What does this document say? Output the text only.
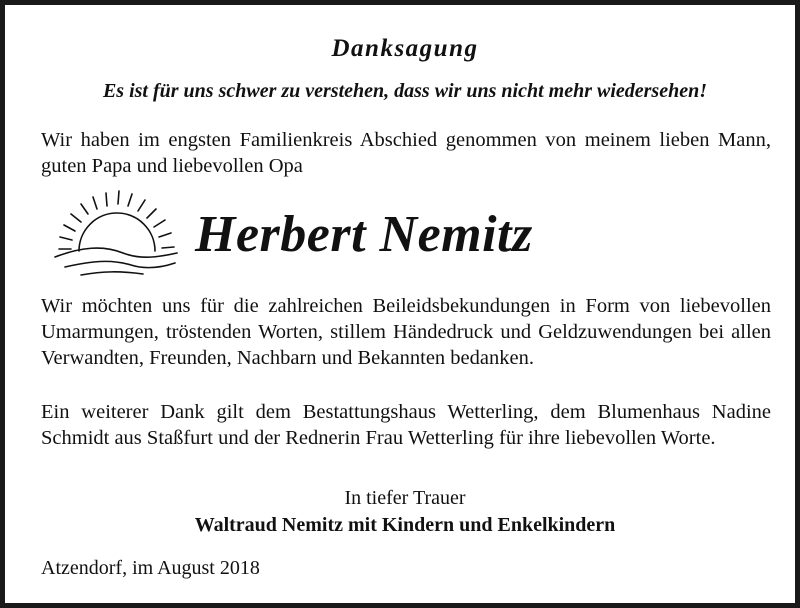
Danksagung
Es ist für uns schwer zu verstehen, dass wir uns nicht mehr wiedersehen!
Wir haben im engsten Familienkreis Abschied genommen von meinem lieben Mann, guten Papa und liebevollen Opa
Herbert Nemitz
Wir möchten uns für die zahlreichen Beileidsbekundungen in Form von liebevollen Umarmungen, tröstenden Worten, stillem Händedruck und Geldzuwendungen bei allen Verwandten, Freunden, Nachbarn und Bekannten bedanken.
Ein weiterer Dank gilt dem Bestattungshaus Wetterling, dem Blumenhaus Nadine Schmidt aus Staßfurt und der Rednerin Frau Wetterling für ihre liebevollen Worte.
In tiefer Trauer
Waltraud Nemitz mit Kindern und Enkelkindern
Atzendorf, im August 2018
